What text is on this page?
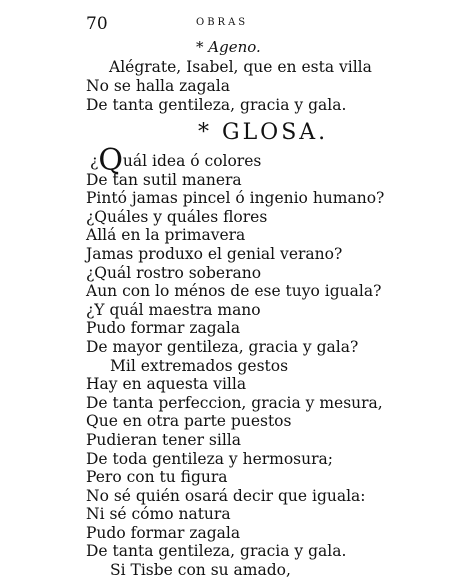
70	OBRAS
* Ageno.
Alégrate, Isabel, que en esta villa
No se halla zagala
De tanta gentileza, gracia y gala.
* GLOSA.
¿Quál idea ó colores
De tan sutil manera
Pintó jamas pincel ó ingenio humano?
¿Quáles y quáles flores
Allá en la primavera
Jamas produxo el genial verano?
¿Quál rostro soberano
Aun con lo ménos de ese tuyo iguala?
¿Y quál maestra mano
Pudo formar zagala
De mayor gentileza, gracia y gala?
Mil extremados gestos
Hay en aquesta villa
De tanta perfeccion, gracia y mesura,
Que en otra parte puestos
Pudieran tener silla
De toda gentileza y hermosura;
Pero con tu figura
No sé quién osará decir que iguala:
Ni sé cómo natura
Pudo formar zagala
De tanta gentileza, gracia y gala.
Si Tisbe con su amado,
